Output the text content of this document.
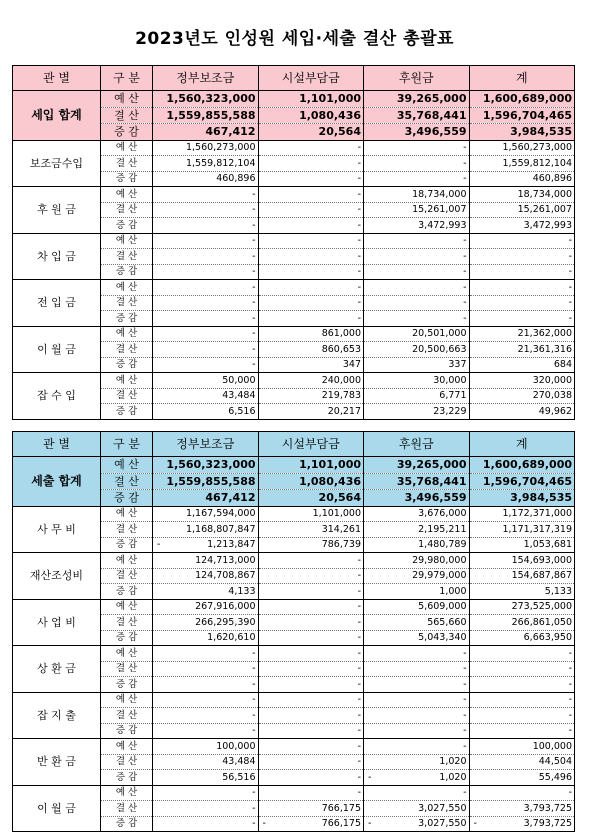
2023년도 인성원 세입·세출 결산 총괄표
관 별	구 분	정부보조금	시설부담금	후원금	계
세입 합계	예 산	1,560,323,000	1,101,000	39,265,000	1,600,689,000
	결 산	1,559,855,588	1,080,436	35,768,441	1,596,704,465
	증 감	467,412	20,564	3,496,559	3,984,535
보조금수입	예 산	1,560,273,000	-	-	1,560,273,000
	결 산	1,559,812,104	-	-	1,559,812,104
	증 감	460,896	-	-	460,896
후 원 금	예 산	-	-	18,734,000	18,734,000
	결 산	-	-	15,261,007	15,261,007
	증 감	-	-	3,472,993	3,472,993
차 입 금	예 산	-	-	-	-
	결 산	-	-	-	-
	증 감	-	-	-	-
전 입 금	예 산	-	-	-	-
	결 산	-	-	-	-
	증 감	-	-	-	-
이 월 금	예 산	-	861,000	20,501,000	21,362,000
	결 산	-	860,653	20,500,663	21,361,316
	증 감	-	347	337	684
잡 수 입	예 산	50,000	240,000	30,000	320,000
	결 산	43,484	219,783	6,771	270,038
	증 감	6,516	20,217	23,229	49,962
관 별	구 분	정부보조금	시설부담금	후원금	계
세출 합계	예 산	1,560,323,000	1,101,000	39,265,000	1,600,689,000
	결 산	1,559,855,588	1,080,436	35,768,441	1,596,704,465
	증 감	467,412	20,564	3,496,559	3,984,535
사 무 비	예 산	1,167,594,000	1,101,000	3,676,000	1,172,371,000
	결 산	1,168,807,847	314,261	2,195,211	1,171,317,319
	증 감	- 1,213,847	786,739	1,480,789	1,053,681
재산조성비	예 산	124,713,000	-	29,980,000	154,693,000
	결 산	124,708,867	-	29,979,000	154,687,867
	증 감	4,133	-	1,000	5,133
사 업 비	예 산	267,916,000	-	5,609,000	273,525,000
	결 산	266,295,390	-	565,660	266,861,050
	증 감	1,620,610	-	5,043,340	6,663,950
상 환 금	예 산	-	-	-	-
	결 산	-	-	-	-
	증 감	-	-	-	-
잡 지 출	예 산	-	-	-	-
	결 산	-	-	-	-
	증 감	-	-	-	-
반 환 금	예 산	100,000	-	-	100,000
	결 산	43,484	-	1,020	44,504
	증 감	56,516	-	- 1,020	55,496
이 월 금	예 산	-	-	-	-
	결 산	-	766,175	3,027,550	3,793,725
	증 감	-	- 766,175	- 3,027,550	- 3,793,725
